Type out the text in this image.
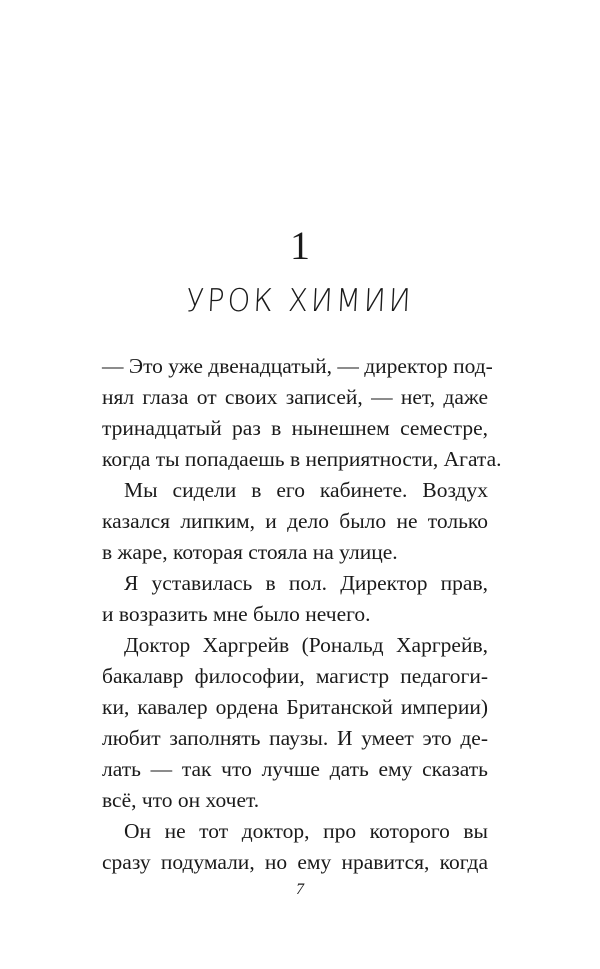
1
УРОК ХИМИИ
— Это уже двенадцатый, — директор под-
нял глаза от своих записей, — нет, даже
тринадцатый раз в нынешнем семестре,
когда ты попадаешь в неприятности, Агата.
Мы сидели в его кабинете. Воздух
казался липким, и дело было не только
в жаре, которая стояла на улице.
Я уставилась в пол. Директор прав,
и возразить мне было нечего.
Доктор Харгрейв (Рональд Харгрейв,
бакалавр философии, магистр педагоги-
ки, кавалер ордена Британской империи)
любит заполнять паузы. И умеет это де-
лать — так что лучше дать ему сказать
всё, что он хочет.
Он не тот доктор, про которого вы
сразу подумали, но ему нравится, когда
7
